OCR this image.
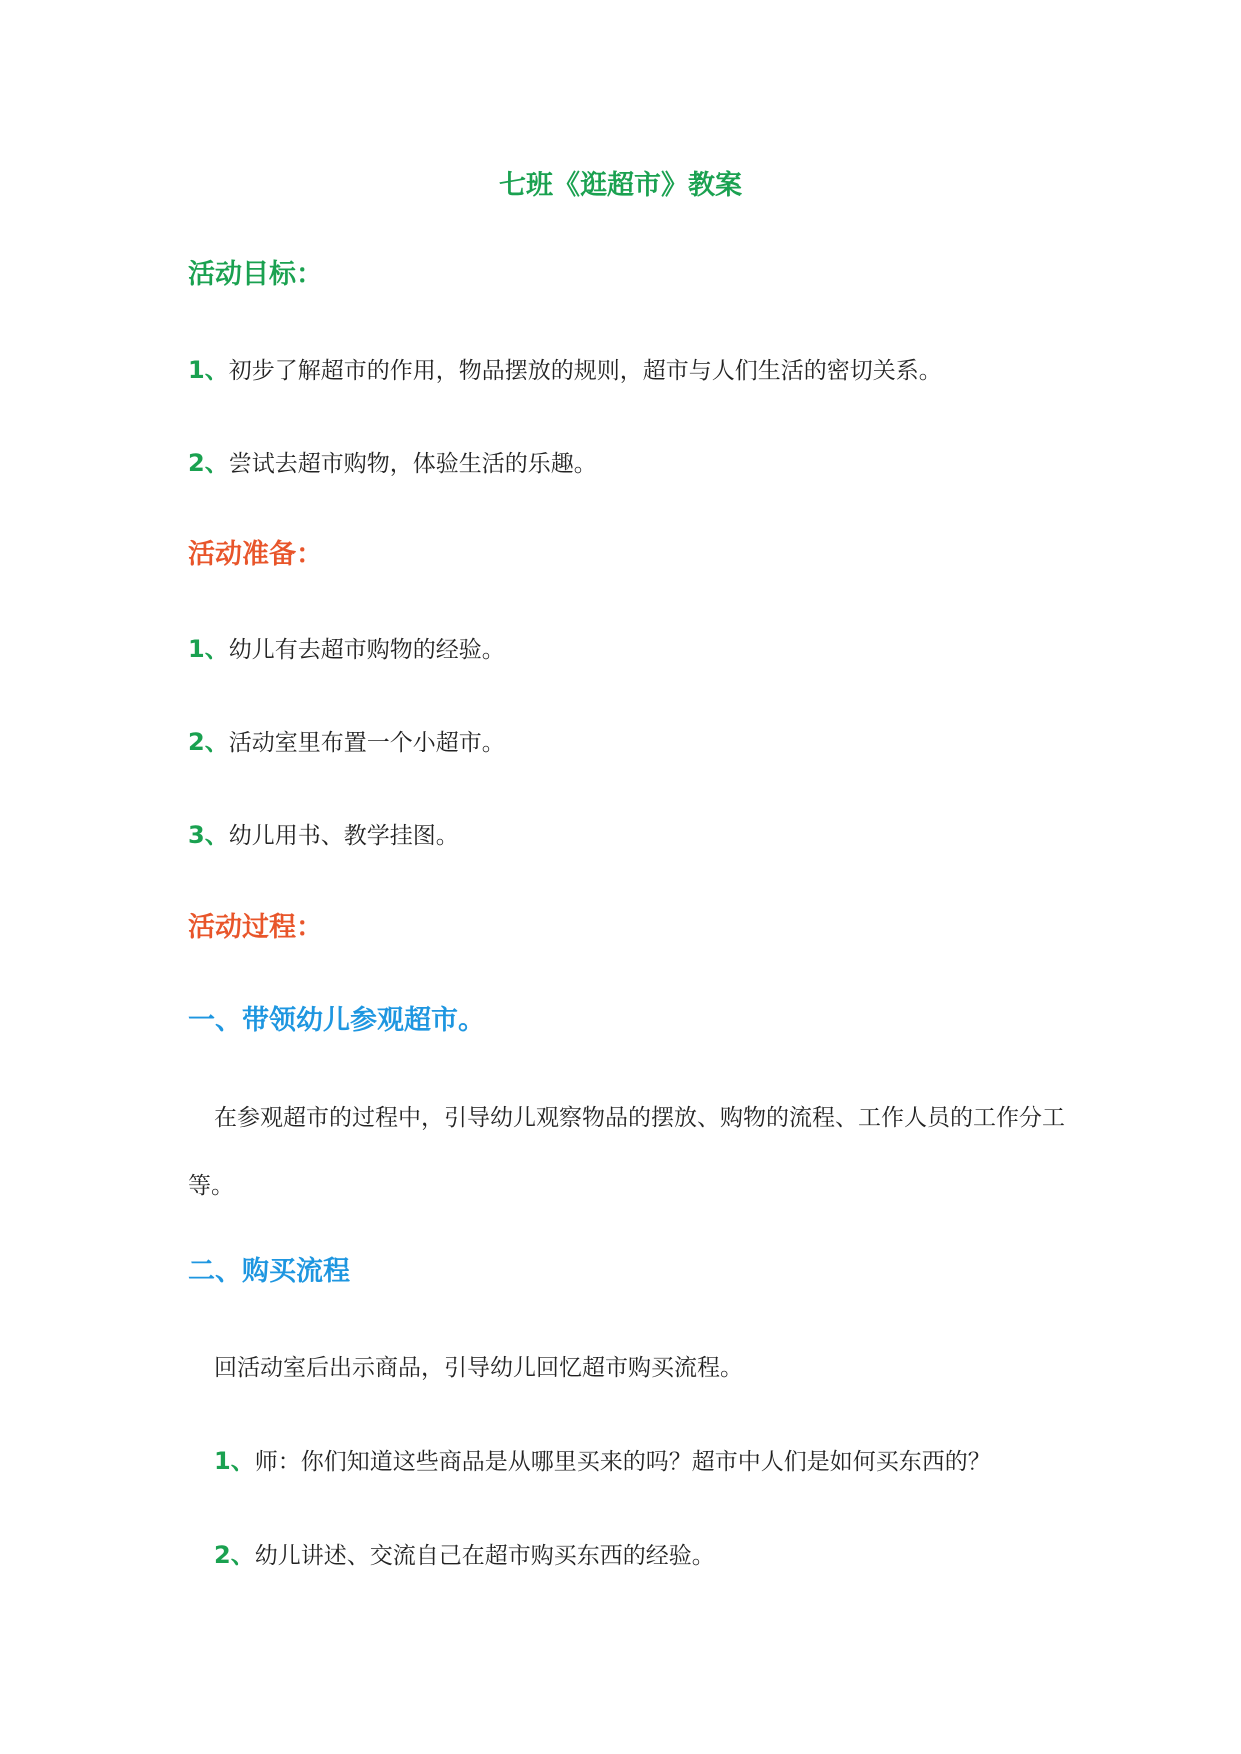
七班《逛超市》教案
活动目标：
1、初步了解超市的作用，物品摆放的规则，超市与人们生活的密切关系。
2、尝试去超市购物，体验生活的乐趣。
活动准备：
1、幼儿有去超市购物的经验。
2、活动室里布置一个小超市。
3、幼儿用书、教学挂图。
活动过程：
一、带领幼儿参观超市。
在参观超市的过程中，引导幼儿观察物品的摆放、购物的流程、工作人员的工作分工等。
二、购买流程
回活动室后出示商品，引导幼儿回忆超市购买流程。
1、师：你们知道这些商品是从哪里买来的吗？超市中人们是如何买东西的？
2、幼儿讲述、交流自己在超市购买东西的经验。
